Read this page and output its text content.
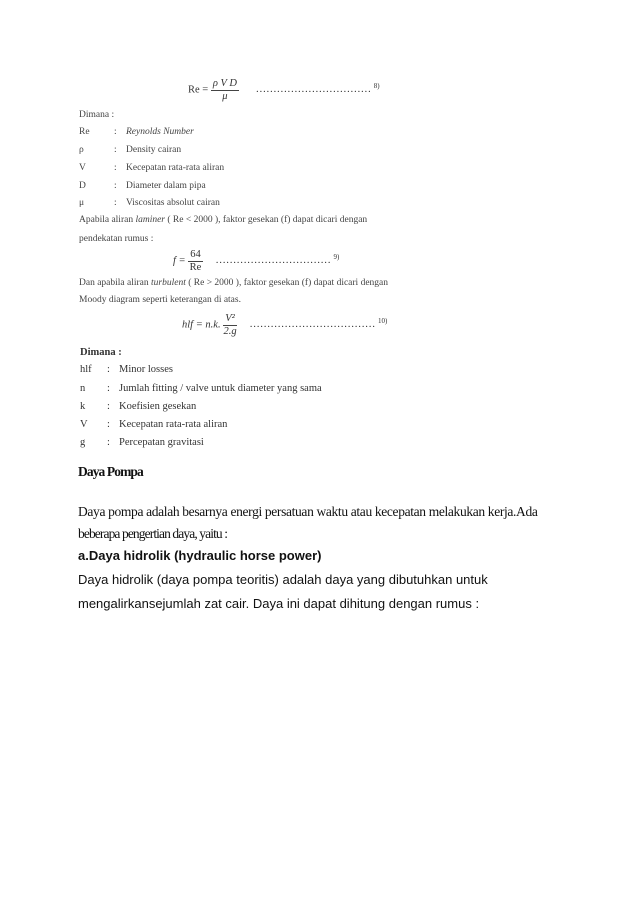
$Re = \frac{\text{ρ V D}}{\mu}$ …………………………… $^{8)}$
Dimana :
Re	: Reynolds Number
ρ	: Density cairan
V	: Kecepatan rata-rata aliran
D	: Diameter dalam pipa
μ	: Viscositas absolut cairan
Apabila aliran laminer ( Re < 2000 ), faktor gesekan (f) dapat dicari dengan
pendekatan rumus :
$f = \frac{64}{Re}$ …………………………… $^{9)}$
Dan apabila aliran turbulent ( Re > 2000 ), faktor gesekan (f) dapat dicari dengan
Moody diagram seperti keterangan di atas.
hlf = n.k. $\frac{\text{V²}}{2.g}$ ……………………………… $^{10)}$
Dimana :
hlf : Minor losses
n : Jumlah fitting / valve untuk diameter yang sama
k : Koefisien gesekan
V : Kecepatan rata-rata aliran
g : Percepatan gravitasi
Daya Pompa
Daya pompa adalah besarnya energi persatuan waktu atau kecepatan melakukan kerja.Ada
beberapa pengertian daya, yaitu :
a.Daya hidrolik (hydraulic horse power)
Daya hidrolik (daya pompa teoritis) adalah daya yang dibutuhkan untuk
mengalirkansejumlah zat cair. Daya ini dapat dihitung dengan rumus :
